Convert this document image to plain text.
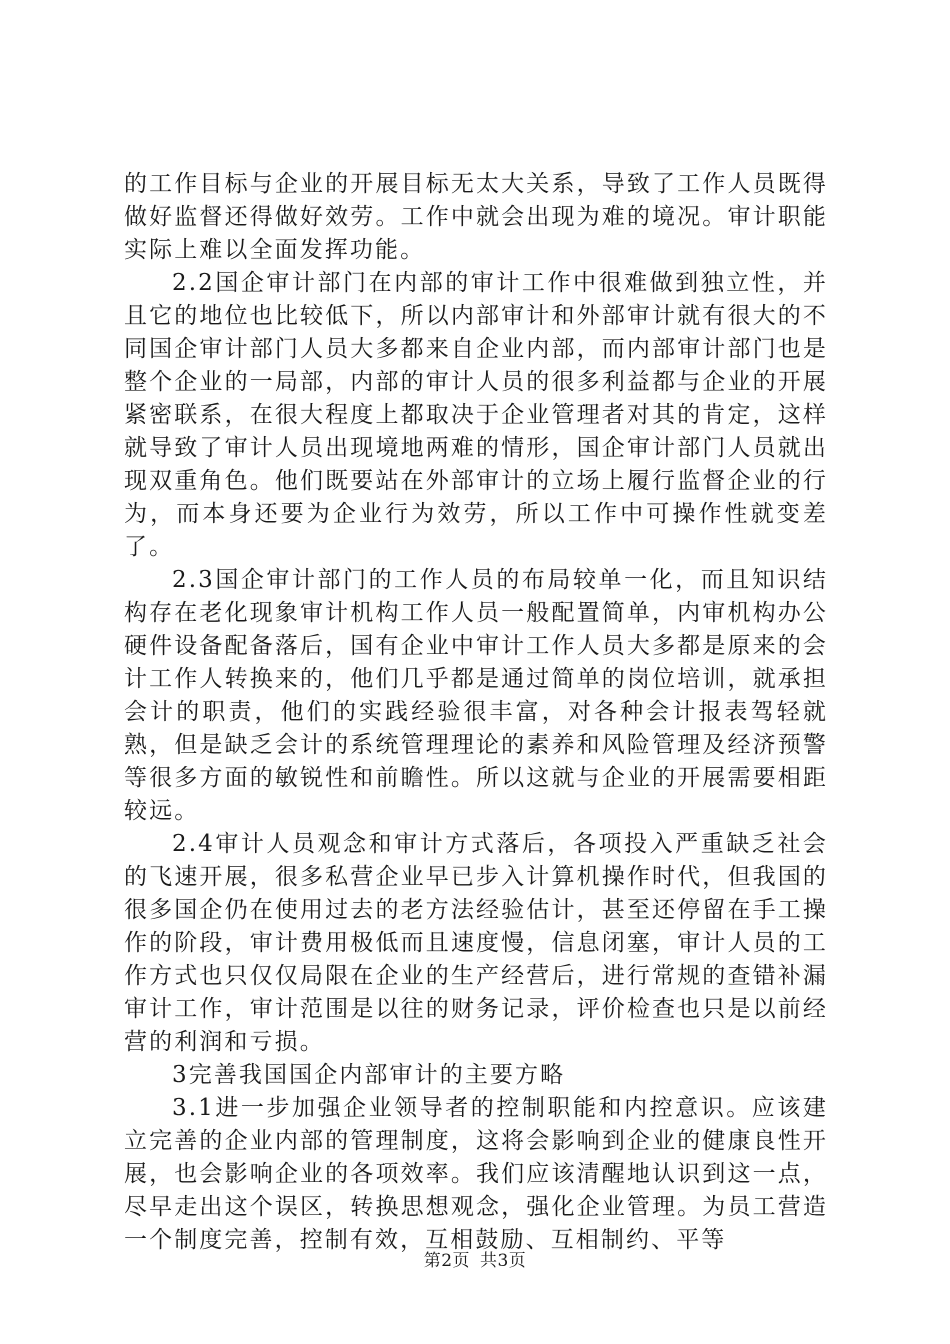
的工作目标与企业的开展目标无太大关系，导致了工作人员既得做好监督还得做好效劳。工作中就会出现为难的境况。审计职能实际上难以全面发挥功能。

2.2国企审计部门在内部的审计工作中很难做到独立性，并且它的地位也比较低下，所以内部审计和外部审计就有很大的不同国企审计部门人员大多都来自企业内部，而内部审计部门也是整个企业的一局部，内部的审计人员的很多利益都与企业的开展紧密联系，在很大程度上都取决于企业管理者对其的肯定，这样就导致了审计人员出现境地两难的情形，国企审计部门人员就出现双重角色。他们既要站在外部审计的立场上履行监督企业的行为，而本身还要为企业行为效劳，所以工作中可操作性就变差了。

2.3国企审计部门的工作人员的布局较单一化，而且知识结构存在老化现象审计机构工作人员一般配置简单，内审机构办公硬件设备配备落后，国有企业中审计工作人员大多都是原来的会计工作人转换来的，他们几乎都是通过简单的岗位培训，就承担会计的职责，他们的实践经验很丰富，对各种会计报表驾轻就熟，但是缺乏会计的系统管理理论的素养和风险管理及经济预警等很多方面的敏锐性和前瞻性。所以这就与企业的开展需要相距较远。

2.4审计人员观念和审计方式落后，各项投入严重缺乏社会的飞速开展，很多私营企业早已步入计算机操作时代，但我国的很多国企仍在使用过去的老方法经验估计，甚至还停留在手工操作的阶段，审计费用极低而且速度慢，信息闭塞，审计人员的工作方式也只仅仅局限在企业的生产经营后，进行常规的查错补漏审计工作，审计范围是以往的财务记录，评价检查也只是以前经营的利润和亏损。

3完善我国国企内部审计的主要方略

3.1进一步加强企业领导者的控制职能和内控意识。应该建立完善的企业内部的管理制度，这将会影响到企业的健康良性开展，也会影响企业的各项效率。我们应该清醒地认识到这一点，尽早走出这个误区，转换思想观念，强化企业管理。为员工营造一个制度完善，控制有效，互相鼓励、互相制约、平等

第2页 共3页
